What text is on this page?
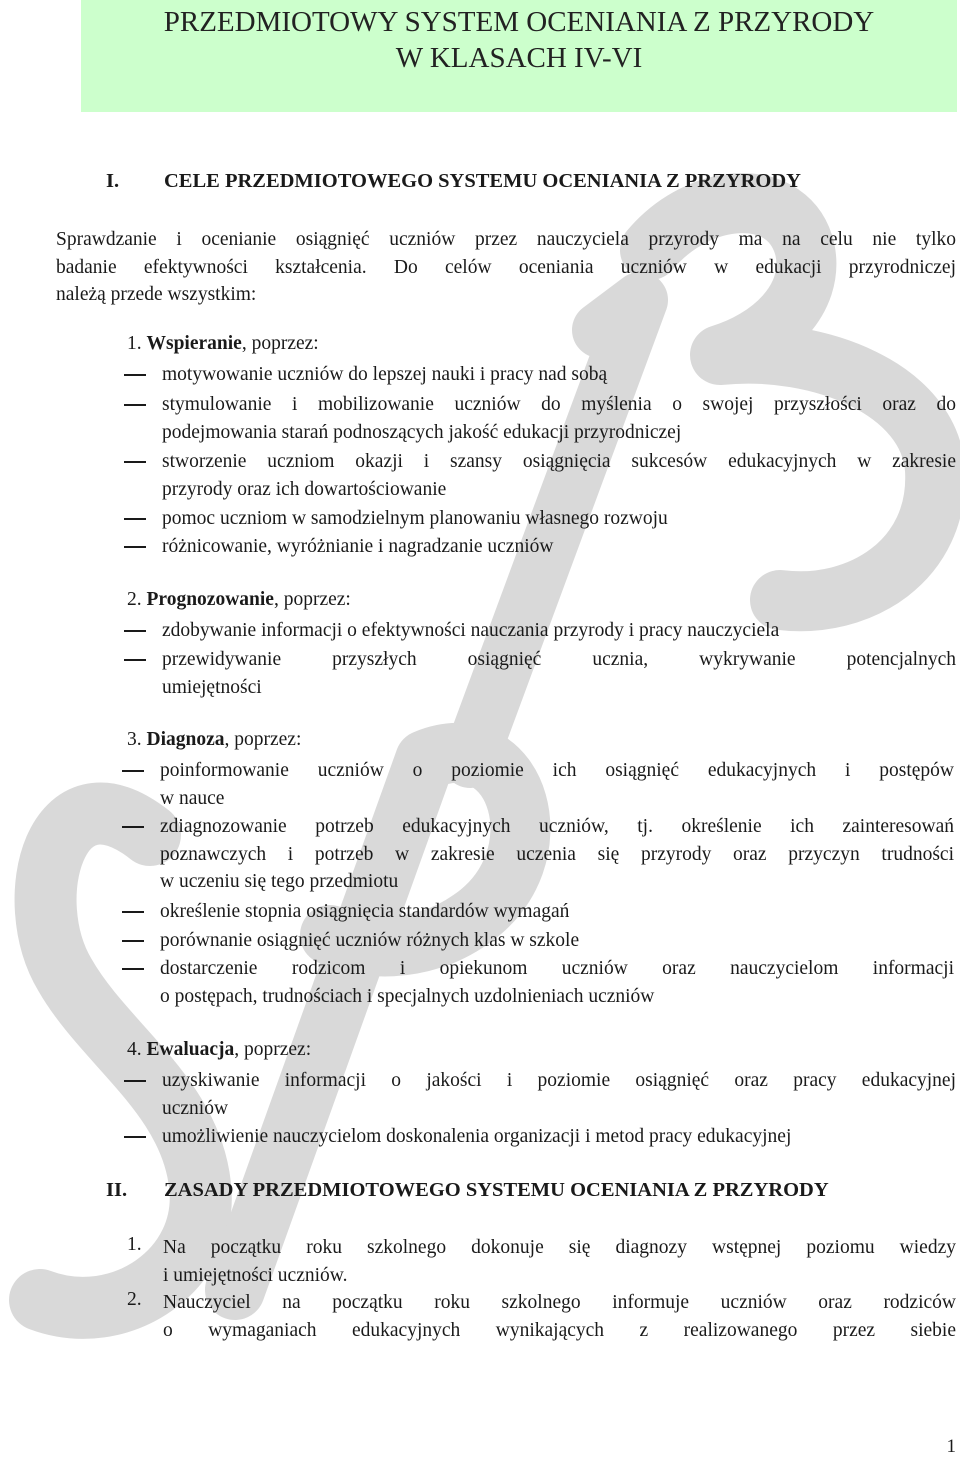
PRZEDMIOTOWY SYSTEM OCENIANIA Z PRZYRODY
W KLASACH IV-VI
I. CELE PRZEDMIOTOWEGO SYSTEMU OCENIANIA Z PRZYRODY
Sprawdzanie i ocenianie osiągnięć uczniów przez nauczyciela przyrody ma na celu nie tylko
badanie efektywności kształcenia. Do celów oceniania uczniów w edukacji przyrodniczej
należą przede wszystkim:
1. Wspieranie, poprzez:
motywowanie uczniów do lepszej nauki i pracy nad sobą
stymulowanie i mobilizowanie uczniów do myślenia o swojej przyszłości oraz do
podejmowania starań podnoszących jakość edukacji przyrodniczej
stworzenie uczniom okazji i szansy osiągnięcia sukcesów edukacyjnych w zakresie
przyrody oraz ich dowartościowanie
pomoc uczniom w samodzielnym planowaniu własnego rozwoju
różnicowanie, wyróżnianie i nagradzanie uczniów
2. Prognozowanie, poprzez:
zdobywanie informacji o efektywności nauczania przyrody i pracy nauczyciela
przewidywanie przyszłych osiągnięć ucznia, wykrywanie potencjalnych
umiejętności
3. Diagnoza, poprzez:
poinformowanie uczniów o poziomie ich osiągnięć edukacyjnych i postępów
w nauce
zdiagnozowanie potrzeb edukacyjnych uczniów, tj. określenie ich zainteresowań
poznawczych i potrzeb w zakresie uczenia się przyrody oraz przyczyn trudności
w uczeniu się tego przedmiotu
określenie stopnia osiągnięcia standardów wymagań
porównanie osiągnięć uczniów różnych klas w szkole
dostarczenie rodzicom i opiekunom uczniów oraz nauczycielom informacji
o postępach, trudnościach i specjalnych uzdolnieniach uczniów
4. Ewaluacja, poprzez:
uzyskiwanie informacji o jakości i poziomie osiągnięć oraz pracy edukacyjnej
uczniów
umożliwienie nauczycielom doskonalenia organizacji i metod pracy edukacyjnej
II. ZASADY PRZEDMIOTOWEGO SYSTEMU OCENIANIA Z PRZYRODY
1. Na początku roku szkolnego dokonuje się diagnozy wstępnej poziomu wiedzy
i umiejętności uczniów.
2. Nauczyciel na początku roku szkolnego informuje uczniów oraz rodziców
o wymaganiach edukacyjnych wynikających z realizowanego przez siebie
1
